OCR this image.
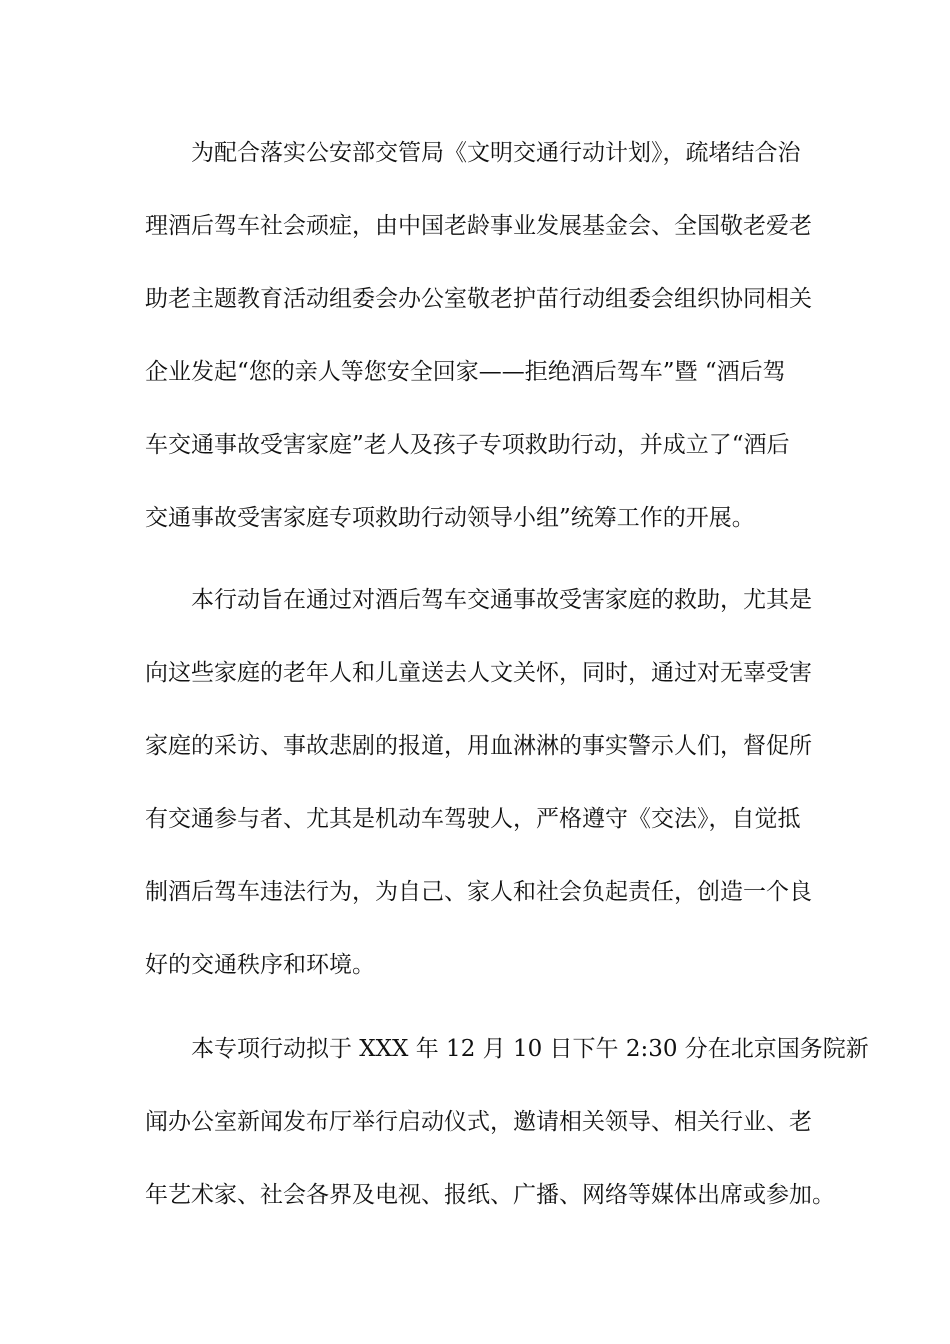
为配合落实公安部交管局《文明交通行动计划》，疏堵结合治
理酒后驾车社会顽症，由中国老龄事业发展基金会、全国敬老爱老
助老主题教育活动组委会办公室敬老护苗行动组委会组织协同相关
企业发起“您的亲人等您安全回家——拒绝酒后驾车”暨 “酒后驾
车交通事故受害家庭”老人及孩子专项救助行动，并成立了“酒后
交通事故受害家庭专项救助行动领导小组”统筹工作的开展。
本行动旨在通过对酒后驾车交通事故受害家庭的救助，尤其是
向这些家庭的老年人和儿童送去人文关怀，同时，通过对无辜受害
家庭的采访、事故悲剧的报道，用血淋淋的事实警示人们，督促所
有交通参与者、尤其是机动车驾驶人，严格遵守《交法》，自觉抵
制酒后驾车违法行为，为自己、家人和社会负起责任，创造一个良
好的交通秩序和环境。
本专项行动拟于 XXX 年 12 月 10 日下午 2:30 分在北京国务院新
闻办公室新闻发布厅举行启动仪式，邀请相关领导、相关行业、老
年艺术家、社会各界及电视、报纸、广播、网络等媒体出席或参加。
